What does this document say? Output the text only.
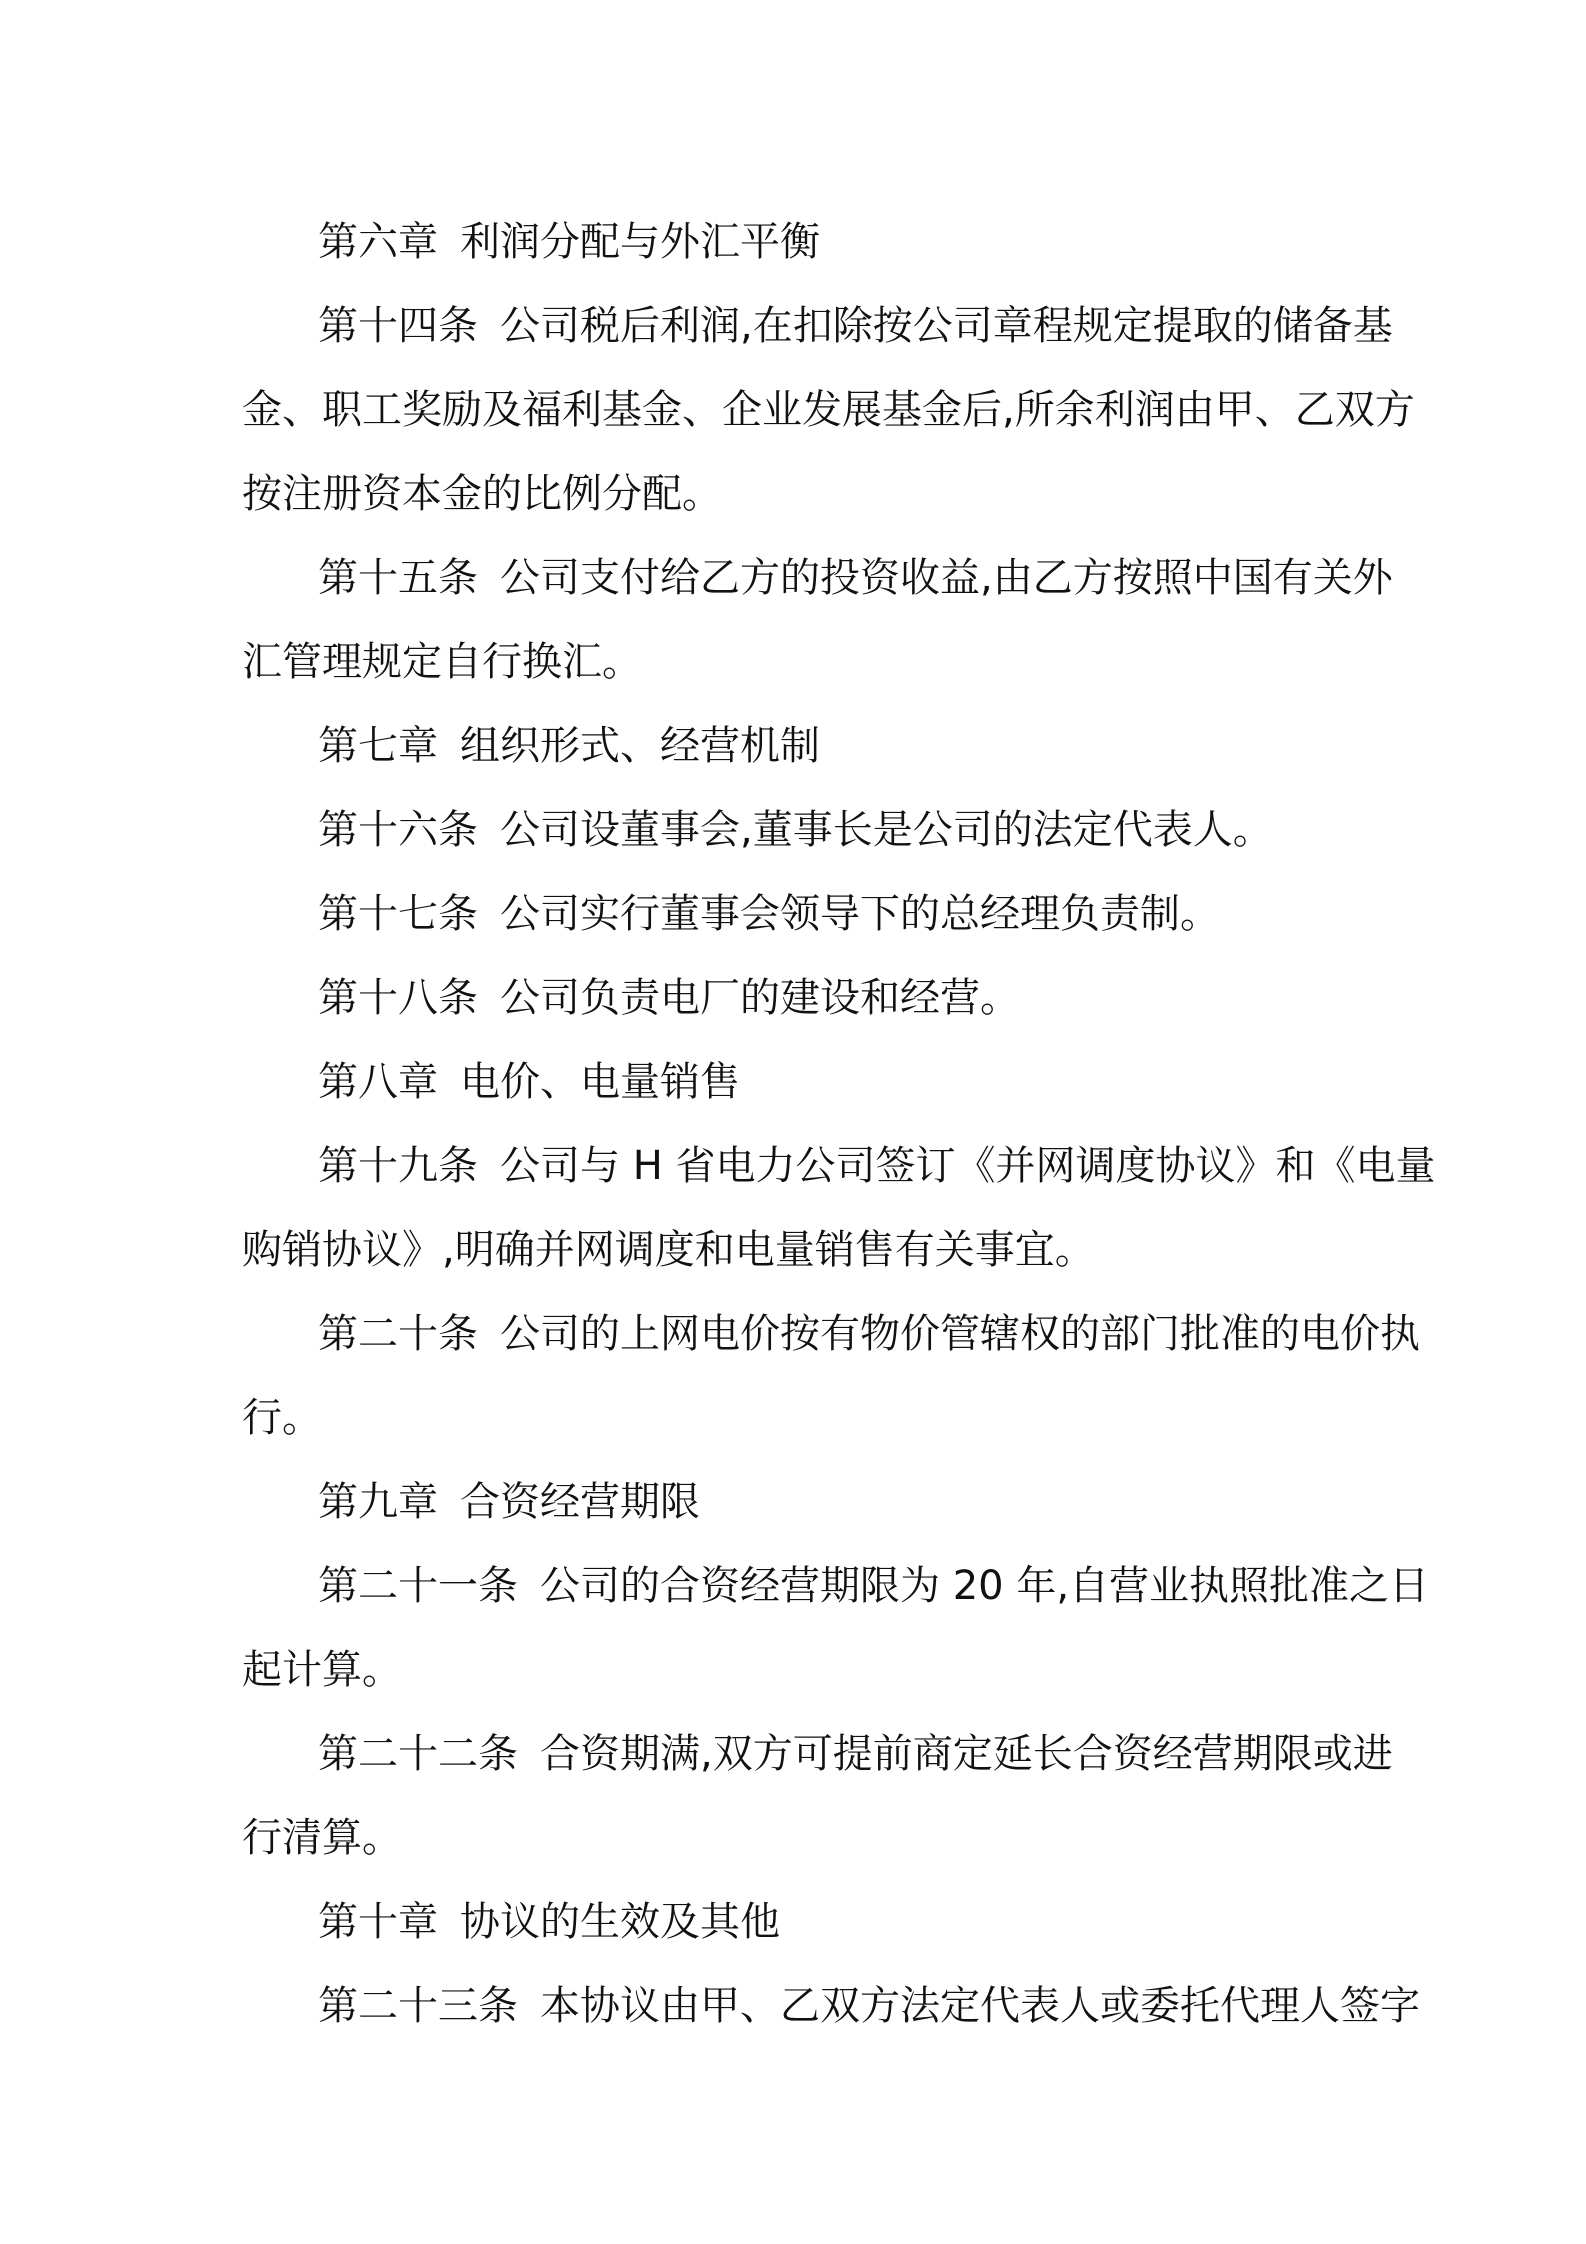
第六章 利润分配与外汇平衡
第十四条 公司税后利润,在扣除按公司章程规定提取的储备基
金、职工奖励及福利基金、企业发展基金后,所余利润由甲、乙双方
按注册资本金的比例分配。
第十五条 公司支付给乙方的投资收益,由乙方按照中国有关外
汇管理规定自行换汇。
第七章 组织形式、经营机制
第十六条 公司设董事会,董事长是公司的法定代表人。
第十七条 公司实行董事会领导下的总经理负责制。
第十八条 公司负责电厂的建设和经营。
第八章 电价、电量销售
第十九条 公司与 H 省电力公司签订《并网调度协议》和《电量
购销协议》,明确并网调度和电量销售有关事宜。
第二十条 公司的上网电价按有物价管辖权的部门批准的电价执
行。
第九章 合资经营期限
第二十一条 公司的合资经营期限为 20 年,自营业执照批准之日
起计算。
第二十二条 合资期满,双方可提前商定延长合资经营期限或进
行清算。
第十章 协议的生效及其他
第二十三条 本协议由甲、乙双方法定代表人或委托代理人签字
